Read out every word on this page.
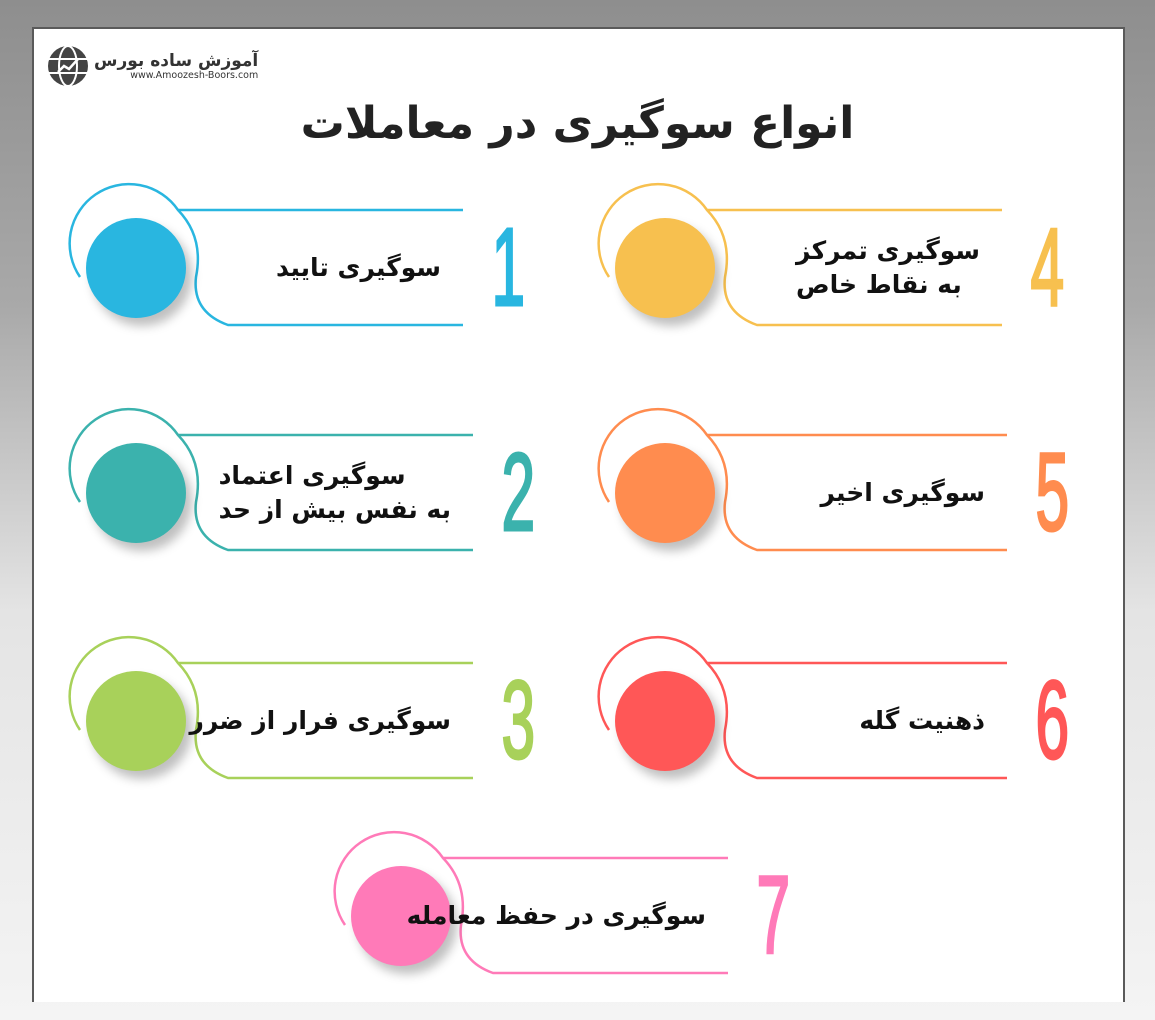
آموزش ساده بورس
www.Amoozesh-Boors.com
انواع سوگیری در معاملات
سوگیری تایید 1
سوگیری اعتماد
به نفس بیش از حد 2
سوگیری فرار از ضرر 3
سوگیری تمرکز
به نقاط خاص 4
سوگیری اخیر 5
ذهنیت گله 6
سوگیری در حفظ معامله 7
